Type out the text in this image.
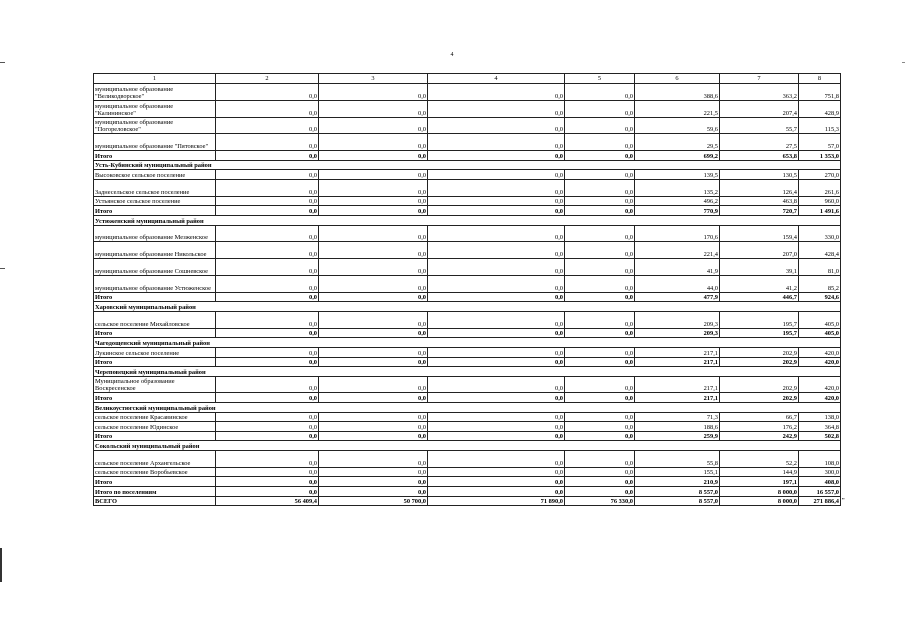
4
1	2	3	4	5	6	7	8
муниципальное образование "Великодворское"	0,0	0,0	0,0	0,0	388,6	363,2	751,8
муниципальное образование "Калининское"	0,0	0,0	0,0	0,0	221,5	207,4	428,9
муниципальное образование "Погореловское"	0,0	0,0	0,0	0,0	59,6	55,7	115,3
муниципальное образование "Пятовское"	0,0	0,0	0,0	0,0	29,5	27,5	57,0
Итого	0,0	0,0	0,0	0,0	699,2	653,8	1 353,0
Усть-Кубинский муниципальный район							
Высоковское сельское поселение	0,0	0,0	0,0	0,0	139,5	130,5	270,0
Заднесельское сельское поселение	0,0	0,0	0,0	0,0	135,2	126,4	261,6
Устьянское сельское поселение	0,0	0,0	0,0	0,0	496,2	463,8	960,0
Итого	0,0	0,0	0,0	0,0	770,9	720,7	1 491,6
Устюженский муниципальный район							
муниципальное образование Мезженское	0,0	0,0	0,0	0,0	170,6	159,4	330,0
муниципальное образование Никольское	0,0	0,0	0,0	0,0	221,4	207,0	428,4
муниципальное образование Сошневское	0,0	0,0	0,0	0,0	41,9	39,1	81,0
муниципальное образование Устюженское	0,0	0,0	0,0	0,0	44,0	41,2	85,2
Итого	0,0	0,0	0,0	0,0	477,9	446,7	924,6
Харовский муниципальный район							
сельское поселение Михайловское	0,0	0,0	0,0	0,0	209,3	195,7	405,0
Итого	0,0	0,0	0,0	0,0	209,3	195,7	405,0
Чагодощенский муниципальный район							
Лукинское сельское поселение	0,0	0,0	0,0	0,0	217,1	202,9	420,0
Итого	0,0	0,0	0,0	0,0	217,1	202,9	420,0
Череповецкий муниципальный район							
Муниципальное образование Воскресенское	0,0	0,0	0,0	0,0	217,1	202,9	420,0
Итого	0,0	0,0	0,0	0,0	217,1	202,9	420,0
Великоустюгский муниципальный район							
сельское поселение Красавинское	0,0	0,0	0,0	0,0	71,3	66,7	138,0
сельское поселение Юдинское	0,0	0,0	0,0	0,0	188,6	176,2	364,8
Итого	0,0	0,0	0,0	0,0	259,9	242,9	502,8
Сокольский муниципальный район							
сельское поселение Архангельское	0,0	0,0	0,0	0,0	55,8	52,2	108,0
сельское поселение Воробьевское	0,0	0,0	0,0	0,0	155,1	144,9	300,0
Итого	0,0	0,0	0,0	0,0	210,9	197,1	408,0
Итого по поселениям	0,0	0,0	0,0	0,0	8 557,0	8 000,0	16 557,0
ВСЕГО	56 409,4	50 700,0	71 890,0	76 330,0	8 557,0	8 000,0	271 886,4 "
